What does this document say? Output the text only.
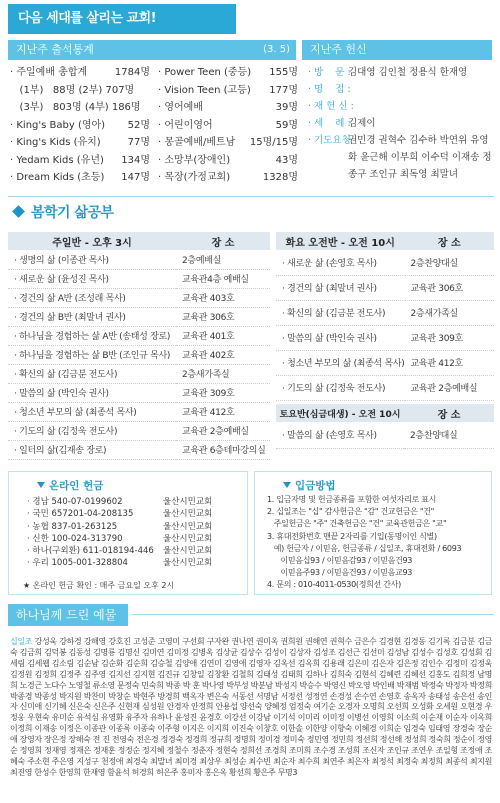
다음 세대를 살리는 교회!
지난주 출석통계	(3. 5)
· 주일예배 총합계	1784명 · Power Teen (중등) 155명
(1부)   88명 (2부) 707명 · Vision Teen (고등) 177명
(3부)   803명 (4부) 186명 · 영어예배	39명
· King's Baby (영아) 52명 · 어린이영어	59명
· King's Kids (유치)	77명 · 몽골예배/베트남 15명/15명
· Yedam Kids (유년) 134명 · 소망부(장애인)	43명
· Dream Kids (초등) 147명 · 목장(가정교회)	1328명
지난주 헌신
· 방    문 :
김대영 김인철 정용식 한재영
· 명    접 :
· 재 헌 신 :
· 세    례 :
김제이
· 기도요청 :
권민경 권혁수 김수하 박연위 유영화 윤근해 이부희 이수덕 이재송 정종구 조인규 최독영 최말녀
봄학기 삶공부
주일반 - 오후 3시	장 소
· 생명의 삶 (이종관 목사)	2층예배실
· 새로운 삶 (윤성진 목사)	교육관4층 예배실
· 경건의 삶 A반 (조성래 목사)	교육관 403호
· 경건의 삶 B반 (최말녀 권사)	교육관 306호
· 하나님을 경험하는 삶 A반 (송태성 장로)	교육관 401호
· 하나님을 경험하는 삶 B반 (조인규 목사)	교육관 402호
· 확신의 삶 (김금분 전도사)	2층새가족실
· 말씀의 삶 (박인숙 권사)	교육관 309호
· 청소년 부모의 삶 (최종석 목사)	교육관 412호
· 기도의 삶 (김정욱 전도사)	교육관 2층예배실
· 일터의 삶(김재송 장로)	교육관 6층테마강의실
화요 오전반 - 오전 10시	장 소
· 새로운 삶 (손영호 목사)	2층찬양대실
· 경건의 삶 (최말녀 권사)	교육관 306호
· 확신의 삶 (김금분 전도사)	2층새가족실
· 말씀의 삶 (박인숙 권사)	교육관 309호
· 청소년 부모의 삶 (최종석 목사)	교육관 412호
· 기도의 삶 (김정욱 전도사)	교육관 2층예배실
토요반(심금대생) - 오전 10시	장 소
· 말씀의 삶 (손영호 목사)	2층찬양대실
온라인 헌금
· 경남 540-07-0199602	울산시민교회
· 국민 657201-04-208135	울산시민교회
· 농협 837-01-263125	울산시민교회
· 신한 100-024-313790	울산시민교회
· 하나(구외환) 611-018194-446	울산시민교회
· 우리 1005-001-328804	울산시민교회
★ 온라인 헌금 확인 : 매주 금요일 오후 2시
입금방법
1. 입금자명 및 헌금종류를 포함한 여섯자리로 표시
2. 십일조는 "십" 감사헌금은 "감" 건교헌금은 "건"
주일헌금은 "주" 건축헌금은 "건" 교육관헌금은 "교"
3. 휴대전화번호 맨끝 2자리를 기입(동명이인 식별)
예) 헌금자 / 이믿음, 헌금종류 / 십일조, 휴대전화 / 6093
이믿음십93 / 이믿음감93 / 이믿음건93
이믿음주93 / 이믿음건93 / 이믿음교93
4. 문의 : 010-4011-0530(정희선 간사)
하나님께 드린 예물
십일조 강성욱 강하경 강해영 강호진 고성준 고영미 구선회 구자완 권나연 권미옥 권희원 권해연 권혁수 금은수 김경현 김경동 김기록 김금분 김금숙 김금희 김덕봉 김동성 김명룡 김명신 김미연 김미정 김병옥 김상균 김상수 김성이 김상자 김성조 김선근 김선미 김성남 김성수 김성호 김성회 김세림 김세웹 김소림 김순남 김순화 김순희 김승철 김양애 김연미 김영애 김영자 김옥선 김옥희 김용래 김은미 김은자 김은정 김인수 김정미 김정욱 김정원 김정희 김정주 김주영 김지선 김지현 김진규 김창일 김창환 김철희 김태성 김태희 김하나 김희숙 김현석 김혜련 김혜선 김홍도 김희정 남명희 노경근 노다수 노영철 류소영 문정숙 민숙희 박종 박 훈 박나영 박부성 박분남 박성지 박승수 박영신 박오영 박인배 박재범 박정숙 박정자 박정희 박종경 박종성 박지원 박찬미 박창순 박현주 방경희 백옥자 변은숙 서동선 서명남 서정선 성정연 손경성 손수연 손영호 송옥자 송태성 송은선 송인자 신미애 신기혜 신은숙 신은주 신현재 심성원 안경자 안정희 안용섭 양선숙 양혜정 엄정숙 여기순 오경자 오명희 오선희 오성화 오세원 오현경 우정웅 우현숙 유미순 유석심 유영화 유주자 유하나 윤성진 윤경호 이강선 이강남 이기석 이미리 이미정 이병선 이영희 이소희 이순재 이순자 이옥희 이정희 이재송 이정은 이종관 이종록 이종숙 이주형 이지은 이지희 이진숙 이창호 이한솔 이한양 이향숙 이혜경 이희순 임경숙 임태영 장경숙 장순애 장영자 장은정 장해숙 전 진 전영숙 전은경 정경숙 정경희 정규희 정명희 정미경 정미숙 정민영 정민희 정선희 정선해 정성희 정숙희 정순이 정영순 정영희 정재영 정재은 정재훈 정정순 정지혜 정철수 정춘자 정현숙 정희선 조경희 조미희 조수경 조성희 조신자 조인규 조연우 조일형 조정애 조혜숙 주소현 주은영 지성구 천정애 최경숙 최말녀 최미경 최상우 최성순 최수빈 최순자 최수희 최연주 최은자 최정석 최정숙 최정희 최종석 최지원 최진영 한성수 한영희 한재영 함윤석 허경희 허은주 홍미자 홍은옥 황선희 황은주 무명3
